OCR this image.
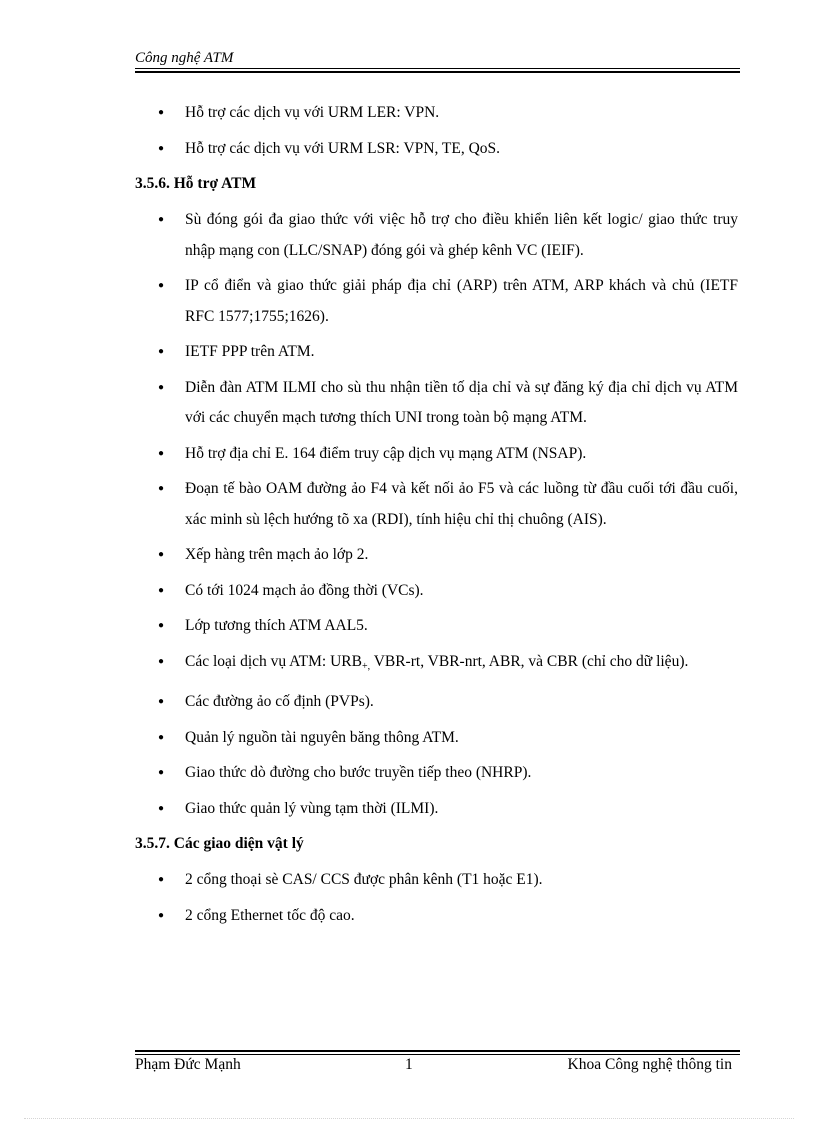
Công nghệ ATM
● Hỗ trợ các dịch vụ với URM LER: VPN.
● Hỗ trợ các dịch vụ với URM LSR: VPN, TE, QoS.
3.5.6. Hỗ trợ ATM
● Sù đóng gói đa giao thức với việc hỗ trợ cho điều khiển liên kết logic/ giao thức truy nhập mạng con (LLC/SNAP) đóng gói và ghép kênh VC (IEIF).
● IP cổ điển và giao thức giải pháp địa chỉ (ARP) trên ATM, ARP khách và chủ (IETF RFC 1577;1755;1626).
● IETF PPP trên ATM.
● Diễn đàn ATM ILMI cho sù thu nhận tiền tố dịa chỉ và sự đăng ký địa chỉ dịch vụ ATM với các chuyển mạch tương thích UNI trong toàn bộ mạng ATM.
● Hỗ trợ địa chỉ E. 164 điểm truy cập dịch vụ mạng ATM (NSAP).
● Đoạn tế bào OAM đường ảo F4 và kết nối ảo F5 và các luồng từ đầu cuối tới đầu cuối, xác minh sù lệch hướng tõ xa (RDI), tính hiệu chỉ thị chuông (AIS).
● Xếp hàng trên mạch ảo lớp 2.
● Có tới 1024 mạch ảo đồng thời (VCs).
● Lớp tương thích ATM AAL5.
● Các loại dịch vụ ATM: $URB_{+,}$ VBR-rt, VBR-nrt, ABR, và CBR (chỉ cho dữ liệu).
● Các đường ảo cố định (PVPs).
● Quản lý nguồn tài nguyên băng thông ATM.
● Giao thức dò đường cho bước truyền tiếp theo (NHRP).
● Giao thức quản lý vùng tạm thời (ILMI).
3.5.7. Các giao diện vật lý
● 2 cổng thoại sè CAS/ CCS được phân kênh (T1 hoặc E1).
● 2 cổng Ethernet tốc độ cao.
Phạm Đức Mạnh	1	Khoa Công nghệ thông tin
